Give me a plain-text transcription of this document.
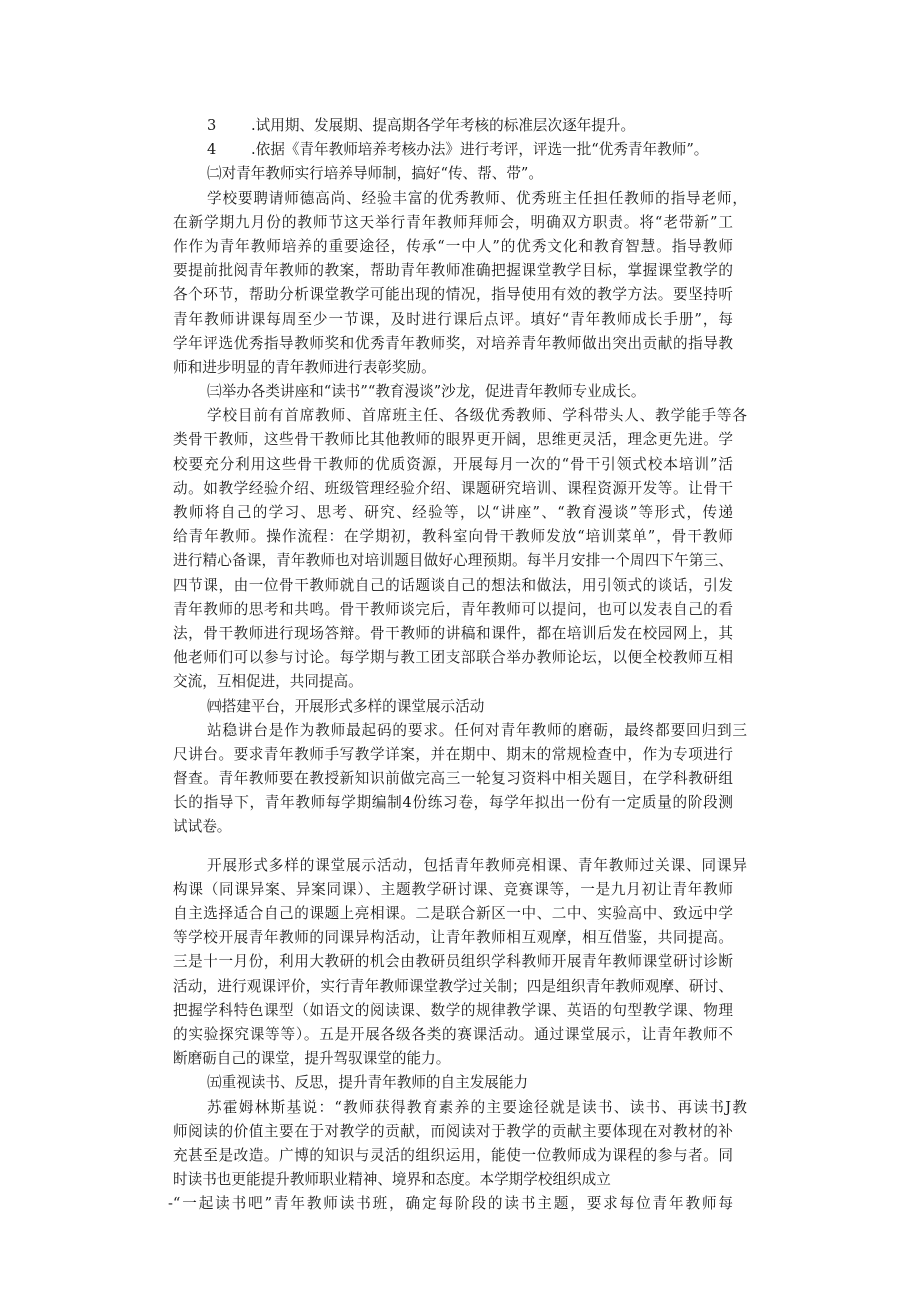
3 .试用期、发展期、提高期各学年考核的标准层次逐年提升。
4 .依据《青年教师培养考核办法》进行考评，评选一批“优秀青年教师”。
㈡对青年教师实行培养导师制，搞好“传、帮、带”。
学校要聘请师德高尚、经验丰富的优秀教师、优秀班主任担任教师的指导老师，
在新学期九月份的教师节这天举行青年教师拜师会，明确双方职责。将“老带新”工
作作为青年教师培养的重要途径，传承“一中人”的优秀文化和教育智慧。指导教师
要提前批阅青年教师的教案，帮助青年教师准确把握课堂教学目标，掌握课堂教学的
各个环节，帮助分析课堂教学可能出现的情况，指导使用有效的教学方法。要坚持听
青年教师讲课每周至少一节课，及时进行课后点评。填好“青年教师成长手册”，每
学年评选优秀指导教师奖和优秀青年教师奖，对培养青年教师做出突出贡献的指导教
师和进步明显的青年教师进行表彰奖励。
㈢举办各类讲座和“读书”“教育漫谈”沙龙，促进青年教师专业成长。
学校目前有首席教师、首席班主任、各级优秀教师、学科带头人、教学能手等各
类骨干教师，这些骨干教师比其他教师的眼界更开阔，思维更灵活，理念更先进。学
校要充分利用这些骨干教师的优质资源，开展每月一次的“骨干引领式校本培训”活
动。如教学经验介绍、班级管理经验介绍、课题研究培训、课程资源开发等。让骨干
教师将自己的学习、思考、研究、经验等，以“讲座”、“教育漫谈”等形式，传递
给青年教师。操作流程：在学期初，教科室向骨干教师发放“培训菜单”，骨干教师
进行精心备课，青年教师也对培训题目做好心理预期。每半月安排一个周四下午第三、
四节课，由一位骨干教师就自己的话题谈自己的想法和做法，用引领式的谈话，引发
青年教师的思考和共鸣。骨干教师谈完后，青年教师可以提问，也可以发表自己的看
法，骨干教师进行现场答辩。骨干教师的讲稿和课件，都在培训后发在校园网上，其
他老师们可以参与讨论。每学期与教工团支部联合举办教师论坛，以便全校教师互相
交流，互相促进，共同提高。
㈣搭建平台，开展形式多样的课堂展示活动
站稳讲台是作为教师最起码的要求。任何对青年教师的磨砺，最终都要回归到三
尺讲台。要求青年教师手写教学详案，并在期中、期末的常规检查中，作为专项进行
督查。青年教师要在教授新知识前做完高三一轮复习资料中相关题目，在学科教研组
长的指导下，青年教师每学期编制4份练习卷，每学年拟出一份有一定质量的阶段测
试试卷。
开展形式多样的课堂展示活动，包括青年教师亮相课、青年教师过关课、同课异
构课（同课异案、异案同课）、主题教学研讨课、竞赛课等，一是九月初让青年教师
自主选择适合自己的课题上亮相课。二是联合新区一中、二中、实验高中、致远中学
等学校开展青年教师的同课异构活动，让青年教师相互观摩，相互借鉴，共同提高。
三是十一月份，利用大教研的机会由教研员组织学科教师开展青年教师课堂研讨诊断
活动，进行观课评价，实行青年教师课堂教学过关制；四是组织青年教师观摩、研讨、
把握学科特色课型（如语文的阅读课、数学的规律教学课、英语的句型教学课、物理
的实验探究课等等）。五是开展各级各类的赛课活动。通过课堂展示，让青年教师不
断磨砺自己的课堂，提升驾驭课堂的能力。
㈤重视读书、反思，提升青年教师的自主发展能力
苏霍姆林斯基说：“教师获得教育素养的主要途径就是读书、读书、再读书J教
师阅读的价值主要在于对教学的贡献，而阅读对于教学的贡献主要体现在对教材的补
充甚至是改造。广博的知识与灵活的组织运用，能使一位教师成为课程的参与者。同
时读书也更能提升教师职业精神、境界和态度。本学期学校组织成立
-“一起读书吧”青年教师读书班，确定每阶段的读书主题，要求每位青年教师每
